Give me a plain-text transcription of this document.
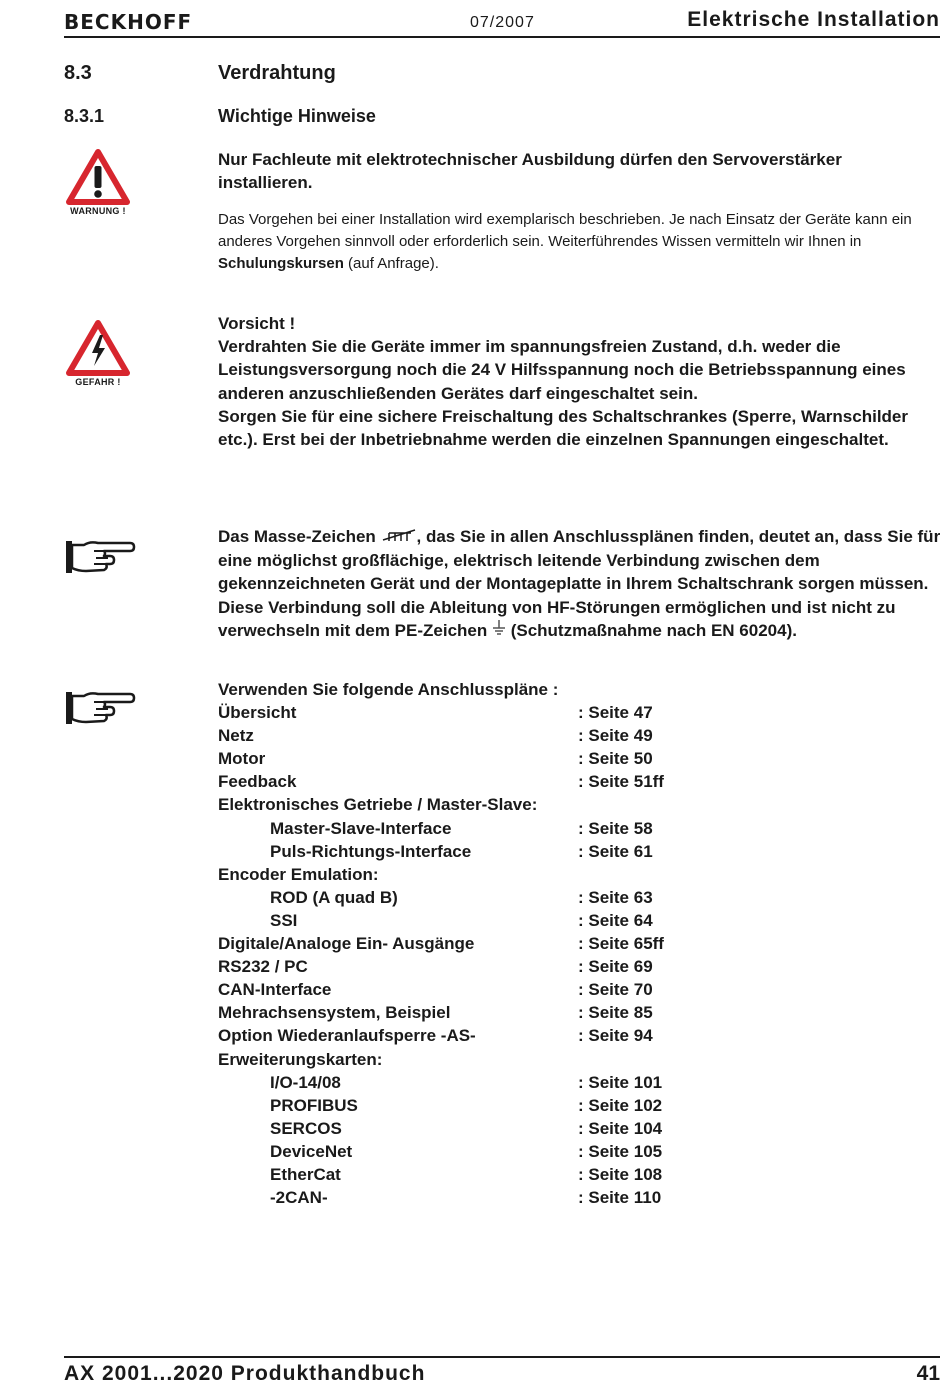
BECKHOFF	07/2007	Elektrische Installation
8.3	Verdrahtung
8.3.1	Wichtige Hinweise
WARNUNG !
Nur Fachleute mit elektrotechnischer Ausbildung dürfen den Servoverstärker installieren.
Das Vorgehen bei einer Installation wird exemplarisch beschrieben. Je nach Einsatz der Geräte kann ein anderes Vorgehen sinnvoll oder erforderlich sein. Weiterführendes Wissen vermitteln wir Ihnen in Schulungskursen (auf Anfrage).
GEFAHR !
Vorsicht !
Verdrahten Sie die Geräte immer im spannungsfreien Zustand, d.h. weder die Leistungsversorgung noch die 24 V Hilfsspannung noch die Betriebsspannung eines anderen anzuschließenden Gerätes darf eingeschaltet sein.
Sorgen Sie für eine sichere Freischaltung des Schaltschrankes (Sperre, Warnschilder etc.). Erst bei der Inbetriebnahme werden die einzelnen Spannungen eingeschaltet.
Das Masse-Zeichen , das Sie in allen Anschlussplänen finden, deutet an, dass Sie für eine möglichst großflächige, elektrisch leitende Verbindung zwischen dem gekennzeichneten Gerät und der Montageplatte in Ihrem Schaltschrank sorgen müssen. Diese Verbindung soll die Ableitung von HF-Störungen ermöglichen und ist nicht zu verwechseln mit dem PE-Zeichen  (Schutzmaßnahme nach EN 60204).
Verwenden Sie folgende Anschlusspläne :
Übersicht	: Seite 47
Netz	: Seite 49
Motor	: Seite 50
Feedback	: Seite 51ff
Elektronisches Getriebe / Master-Slave:
Master-Slave-Interface	: Seite 58
Puls-Richtungs-Interface	: Seite 61
Encoder Emulation:
ROD (A quad B)	: Seite 63
SSI	: Seite 64
Digitale/Analoge Ein- Ausgänge	: Seite 65ff
RS232 / PC	: Seite 69
CAN-Interface	: Seite 70
Mehrachsensystem, Beispiel	: Seite 85
Option Wiederanlaufsperre -AS-	: Seite 94
Erweiterungskarten:
I/O-14/08	: Seite 101
PROFIBUS	: Seite 102
SERCOS	: Seite 104
DeviceNet	: Seite 105
EtherCat	: Seite 108
-2CAN-	: Seite 110
AX 2001...2020 Produkthandbuch	41
